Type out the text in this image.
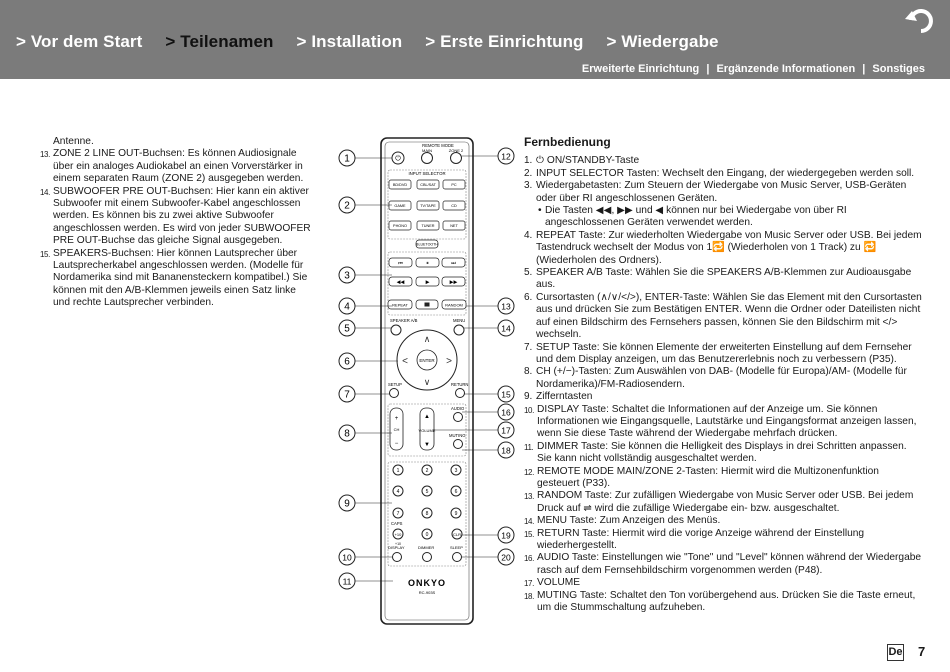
> Vor dem Start > Teilenamen > Installation > Erste Einrichtung > Wiedergabe
Erweiterte Einrichtung | Ergänzende Informationen | Sonstiges
Antenne.
13. ZONE 2 LINE OUT-Buchsen: Es können Audiosignale über ein analoges Audiokabel an einen Vorverstärker in einem separaten Raum (ZONE 2) ausgegeben werden.
14. SUBWOOFER PRE OUT-Buchsen: Hier kann ein aktiver Subwoofer mit einem Subwoofer-Kabel angeschlossen werden. Es können bis zu zwei aktive Subwoofer angeschlossen werden. Es wird von jeder SUBWOOFER PRE OUT-Buchse das gleiche Signal ausgegeben.
15. SPEAKERS-Buchsen: Hier können Lautsprecher über Lautsprecherkabel angeschlossen werden. (Modelle für Nordamerika sind mit Bananensteckern kompatibel.) Sie können mit den A/B-Klemmen jeweils einen Satz linke und rechte Lautsprecher verbinden.
REMOTE MODE
MAIN	ZONE 2
⏻
INPUT SELECTOR
BD/DVD	CBL/SAT	PC
GAME	TV/TAPE	CD
PHONO	TUNER	NET
BLUETOOTH
⏮	⏸	⏭
◀◀	▶	▶▶
REPEAT	RANDOM
SPEAKER A/B	MENU
ENTER
∧
∨
<	>
SETUP	RETURN
AUDIO
+
CH
−
▲
VOLUME
▼
MUTING
1	2	3
4	5	6
7	8	9
CAPS
+10	0	CLR
+10
DISPLAY	DIMMER	SLEEP
ONKYO
RC-903S
1
2
3
4
5
6
7
8
9
10
11
12
13
14
15
16
17
18
19
20
Fernbedienung
1. ⏻ ON/STANDBY-Taste
2. INPUT SELECTOR Tasten: Wechselt den Eingang, der wiedergegeben werden soll.
3. Wiedergabetasten: Zum Steuern der Wiedergabe von Music Server, USB-Geräten oder über RI angeschlossenen Geräten.
• Die Tasten ◀◀, ▶▶ und ◀ können nur bei Wiedergabe von über RI angeschlossenen Geräten verwendet werden.
4. REPEAT Taste: Zur wiederholten Wiedergabe von Music Server oder USB. Bei jedem Tastendruck wechselt der Modus von 1🔁 (Wiederholen von 1 Track) zu 🔁 (Wiederholen des Ordners).
5. SPEAKER A/B Taste: Wählen Sie die SPEAKERS A/B-Klemmen zur Audioausgabe aus.
6. Cursortasten (∧/∨/</>), ENTER-Taste: Wählen Sie das Element mit den Cursortasten aus und drücken Sie zum Bestätigen ENTER. Wenn die Ordner oder Dateilisten nicht auf einen Bildschirm des Fernsehers passen, können Sie den Bildschirm mit </> wechseln.
7. SETUP Taste: Sie können Elemente der erweiterten Einstellung auf dem Fernseher und dem Display anzeigen, um das Benutzererlebnis noch zu verbessern (P35).
8. CH (+/−)-Tasten: Zum Auswählen von DAB- (Modelle für Europa)/AM- (Modelle für Nordamerika)/FM-Radiosendern.
9. Zifferntasten
10. DISPLAY Taste: Schaltet die Informationen auf der Anzeige um. Sie können Informationen wie Eingangsquelle, Lautstärke und Eingangsformat anzeigen lassen, wenn Sie diese Taste während der Wiedergabe mehrfach drücken.
11. DIMMER Taste: Sie können die Helligkeit des Displays in drei Schritten anpassen. Sie kann nicht vollständig ausgeschaltet werden.
12. REMOTE MODE MAIN/ZONE 2-Tasten: Hiermit wird die Multizonenfunktion gesteuert (P33).
13. RANDOM Taste: Zur zufälligen Wiedergabe von Music Server oder USB. Bei jedem Druck auf ⇌ wird die zufällige Wiedergabe ein- bzw. ausgeschaltet.
14. MENU Taste: Zum Anzeigen des Menüs.
15. RETURN Taste: Hiermit wird die vorige Anzeige während der Einstellung wiederhergestellt.
16. AUDIO Taste: Einstellungen wie "Tone" und "Level" können während der Wiedergabe rasch auf dem Fernsehbildschirm vorgenommen werden (P48).
17. VOLUME
18. MUTING Taste: Schaltet den Ton vorübergehend aus. Drücken Sie die Taste erneut, um die Stummschaltung aufzuheben.
De 7
